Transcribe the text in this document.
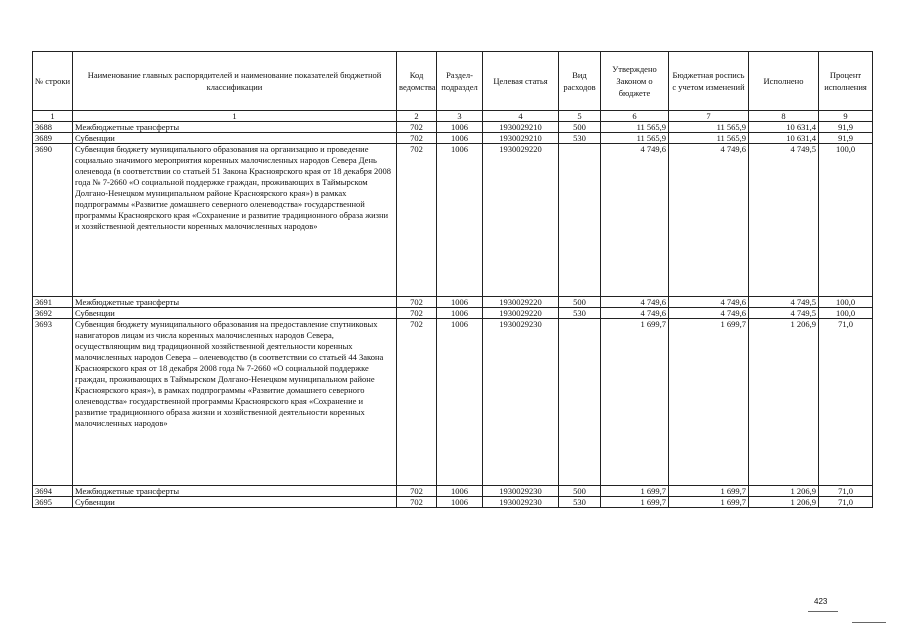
№ строки	Наименование главных распорядителей и наименование показателей бюджетной классификации	Код ведомства	Раздел-подраздел	Целевая статья	Вид расходов	Утверждено Законом о бюджете	Бюджетная роспись с учетом изменений	Исполнено	Процент исполнения
1	1	2	3	4	5	6	7	8	9
3688	Межбюджетные трансферты	702	1006	1930029210	500	11 565,9	11 565,9	10 631,4	91,9
3689	Субвенции	702	1006	1930029210	530	11 565,9	11 565,9	10 631,4	91,9
3690	Субвенция бюджету муниципального образования на организацию и проведение социально значимого мероприятия коренных малочисленных народов Севера День оленевода (в соответствии со статьей 51 Закона Красноярского края от 18 декабря 2008 года № 7-2660 «О социальной поддержке граждан, проживающих в Таймырском Долгано-Ненецком муниципальном районе Красноярского края») в рамках подпрограммы «Развитие домашнего северного оленеводства» государственной программы Красноярского края «Сохранение и развитие традиционного образа жизни и хозяйственной деятельности коренных малочисленных народов»	702	1006	1930029220		4 749,6	4 749,6	4 749,5	100,0
3691	Межбюджетные трансферты	702	1006	1930029220	500	4 749,6	4 749,6	4 749,5	100,0
3692	Субвенции	702	1006	1930029220	530	4 749,6	4 749,6	4 749,5	100,0
3693	Субвенция бюджету муниципального образования на предоставление спутниковых навигаторов лицам из числа коренных малочисленных народов Севера, осуществляющим вид традиционной хозяйственной деятельности коренных малочисленных народов Севера – оленеводство (в соответствии со статьей 44 Закона Красноярского края от 18 декабря 2008 года № 7-2660 «О социальной поддержке граждан, проживающих в Таймырском Долгано-Ненецком муниципальном районе Красноярского края»), в рамках подпрограммы «Развитие домашнего северного оленеводства» государственной программы Красноярского края «Сохранение и развитие традиционного образа жизни и хозяйственной деятельности коренных малочисленных народов»	702	1006	1930029230		1 699,7	1 699,7	1 206,9	71,0
3694	Межбюджетные трансферты	702	1006	1930029230	500	1 699,7	1 699,7	1 206,9	71,0
3695	Субвенции	702	1006	1930029230	530	1 699,7	1 699,7	1 206,9	71,0
423
